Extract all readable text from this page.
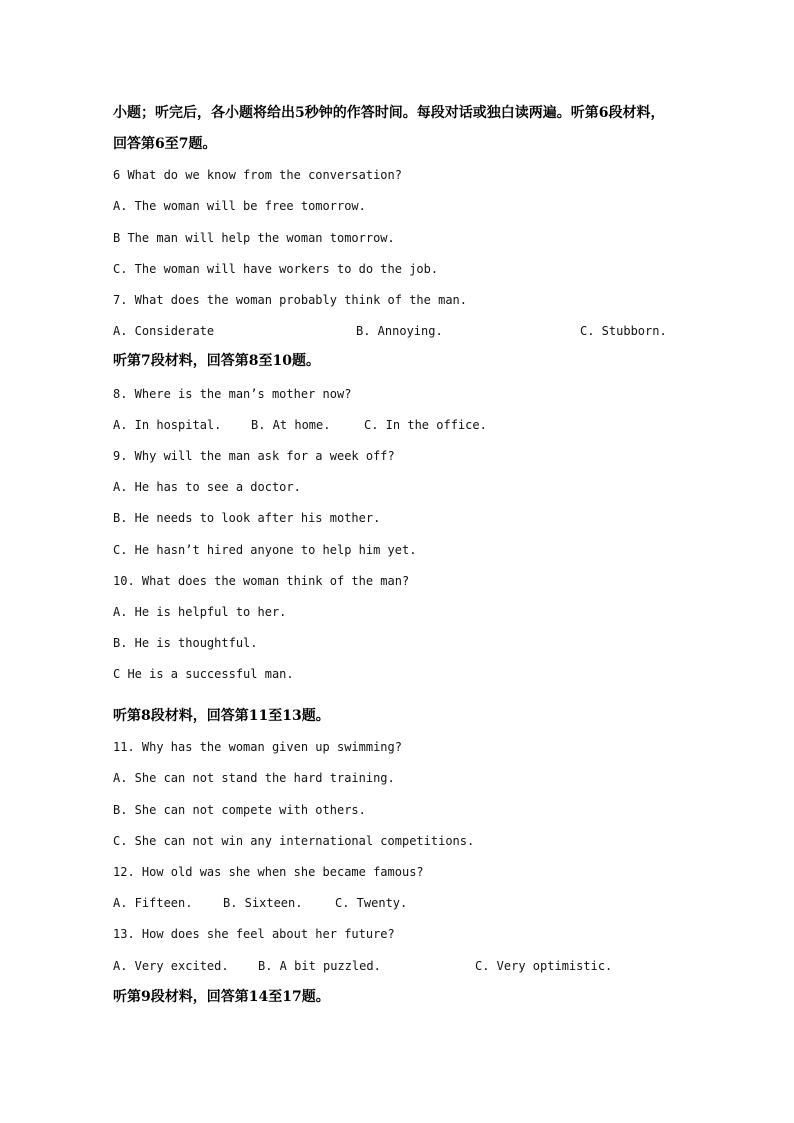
小题；听完后，各小题将给出5秒钟的作答时间。每段对话或独白读两遍。听第6段材料，
回答第6至7题。
6 What do we know from the conversation?
A. The woman will be free tomorrow.
B The man will help the woman tomorrow.
C. The woman will have workers to do the job.
7. What does the woman probably think of the man.
A. Considerate	B. Annoying.	C. Stubborn.
听第7段材料，回答第8至10题。
8. Where is the man’s mother now?
A. In hospital. B. At home.	C. In the office.
9. Why will the man ask for a week off?
A. He has to see a doctor.
B. He needs to look after his mother.
C. He hasn’t hired anyone to help him yet.
10. What does the woman think of the man?
A. He is helpful to her.
B. He is thoughtful.
C He is a successful man.
听第8段材料，回答第11至13题。
11. Why has the woman given up swimming?
A. She can not stand the hard training.
B. She can not compete with others.
C. She can not win any international competitions.
12. How old was she when she became famous?
A. Fifteen.	B. Sixteen.	C. Twenty.
13. How does she feel about her future?
A. Very excited. B. A bit puzzled.	C. Very optimistic.
听第9段材料，回答第14至17题。
